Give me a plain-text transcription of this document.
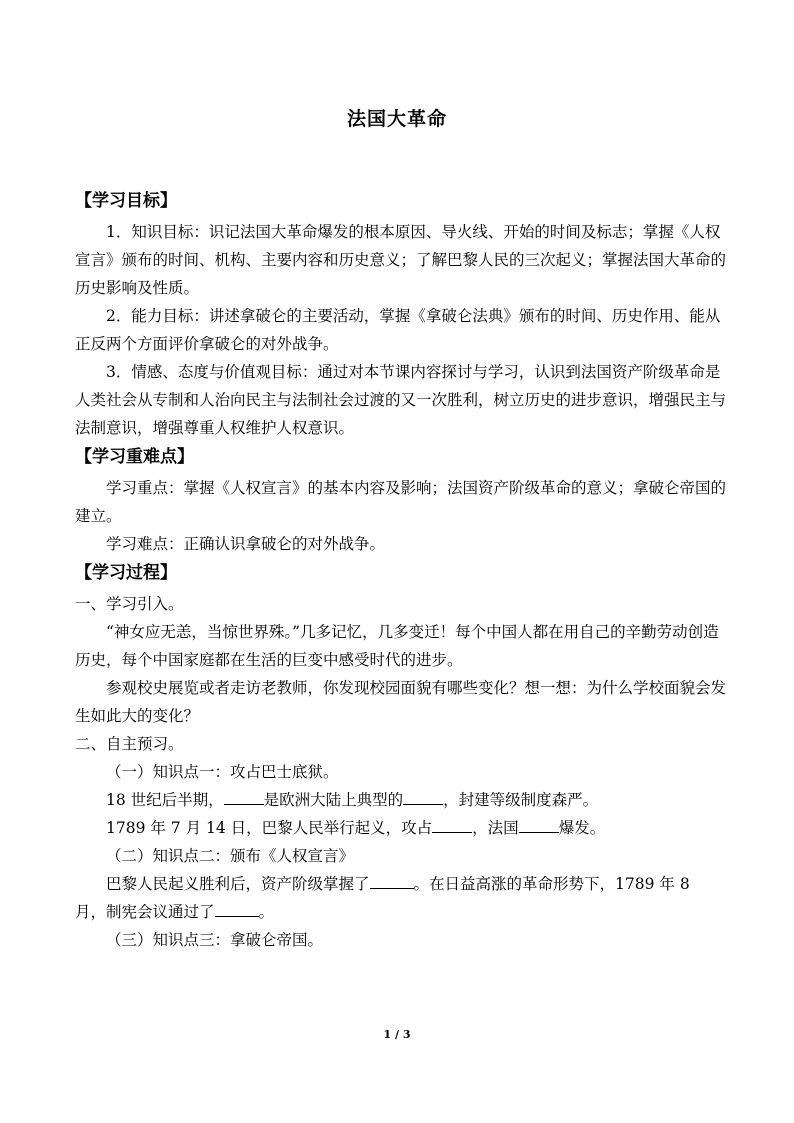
法国大革命
【学习目标】

1．知识目标：识记法国大革命爆发的根本原因、导火线、开始的时间及标志；掌握《人权宣言》颁布的时间、机构、主要内容和历史意义；了解巴黎人民的三次起义；掌握法国大革命的历史影响及性质。

2．能力目标：讲述拿破仑的主要活动，掌握《拿破仑法典》颁布的时间、历史作用、能从正反两个方面评价拿破仑的对外战争。

3．情感、态度与价值观目标：通过对本节课内容探讨与学习，认识到法国资产阶级革命是人类社会从专制和人治向民主与法制社会过渡的又一次胜利，树立历史的进步意识，增强民主与法制意识，增强尊重人权维护人权意识。

【学习重难点】

学习重点：掌握《人权宣言》的基本内容及影响；法国资产阶级革命的意义；拿破仑帝国的建立。

学习难点：正确认识拿破仑的对外战争。

【学习过程】

一、学习引入。

“神女应无恙，当惊世界殊。”几多记忆，几多变迁！每个中国人都在用自己的辛勤劳动创造历史，每个中国家庭都在生活的巨变中感受时代的进步。

参观校史展览或者走访老教师，你发现校园面貌有哪些变化？想一想：为什么学校面貌会发生如此大的变化？

二、自主预习。

（一）知识点一：攻占巴士底狱。

18 世纪后半期，	是欧洲大陆上典型的	，封建等级制度森严。

1789 年 7 月 14 日，巴黎人民举行起义，攻占	，法国	爆发。

（二）知识点二：颁布《人权宣言》

巴黎人民起义胜利后，资产阶级掌握了	。在日益高涨的革命形势下，1789 年 8

月，制宪会议通过了	。

（三）知识点三：拿破仑帝国。

1 / 3
